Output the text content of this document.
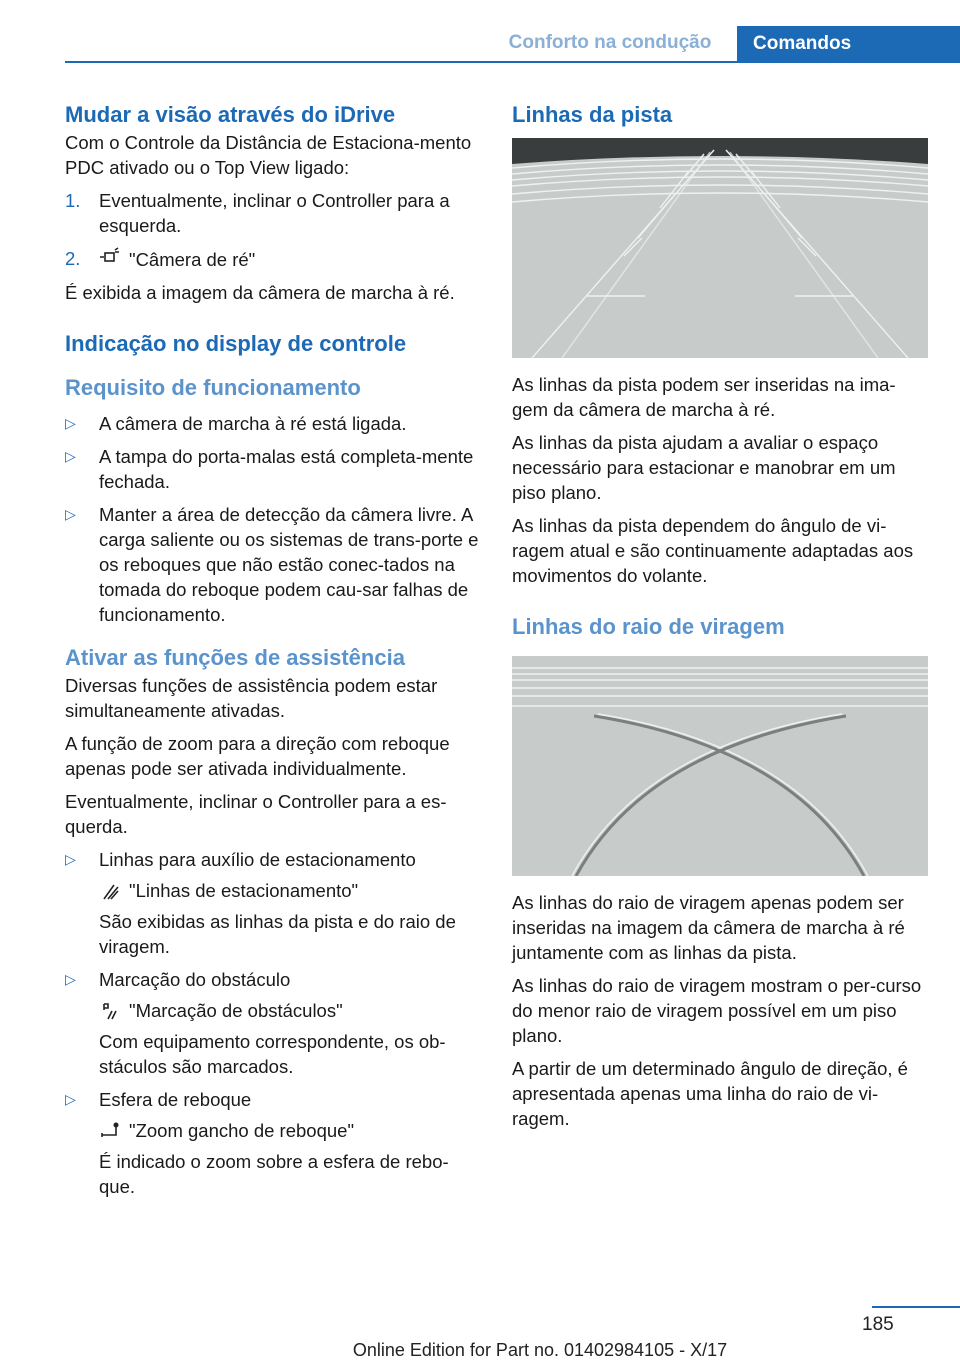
Conforto na condução	Comandos
Mudar a visão através do iDrive

Com o Controle da Distância de Estaciona-mento PDC ativado ou o Top View ligado:

1. Eventualmente, inclinar o Controller para a esquerda.
2.	"Câmera de ré"

É exibida a imagem da câmera de marcha à ré.

Indicação no display de controle
Requisito de funcionamento
▷ A câmera de marcha à ré está ligada.
▷ A tampa do porta-malas está completa-mente fechada.
▷ Manter a área de detecção da câmera livre. A carga saliente ou os sistemas de trans-porte e os reboques que não estão conec-tados na tomada do reboque podem cau-sar falhas de funcionamento.
Ativar as funções de assistência

Diversas funções de assistência podem estar simultaneamente ativadas.

A função de zoom para a direção com reboque apenas pode ser ativada individualmente.

Eventualmente, inclinar o Controller para a es-querda.

▷ Linhas para auxílio de estacionamento
"Linhas de estacionamento"
São exibidas as linhas da pista e do raio de viragem.
▷ Marcação do obstáculo
"Marcação de obstáculos"
Com equipamento correspondente, os ob-stáculos são marcados.
▷ Esfera de reboque
"Zoom gancho de reboque"
É indicado o zoom sobre a esfera de rebo-que.
Linhas da pista

As linhas da pista podem ser inseridas na ima-gem da câmera de marcha à ré.

As linhas da pista ajudam a avaliar o espaço necessário para estacionar e manobrar em um piso plano.

As linhas da pista dependem do ângulo de vi-ragem atual e são continuamente adaptadas aos movimentos do volante.

Linhas do raio de viragem

As linhas do raio de viragem apenas podem ser inseridas na imagem da câmera de marcha à ré juntamente com as linhas da pista.

As linhas do raio de viragem mostram o per-curso do menor raio de viragem possível em um piso plano.

A partir de um determinado ângulo de direção, é apresentada apenas uma linha do raio de vi-ragem.

185
Online Edition for Part no. 01402984105 - X/17
